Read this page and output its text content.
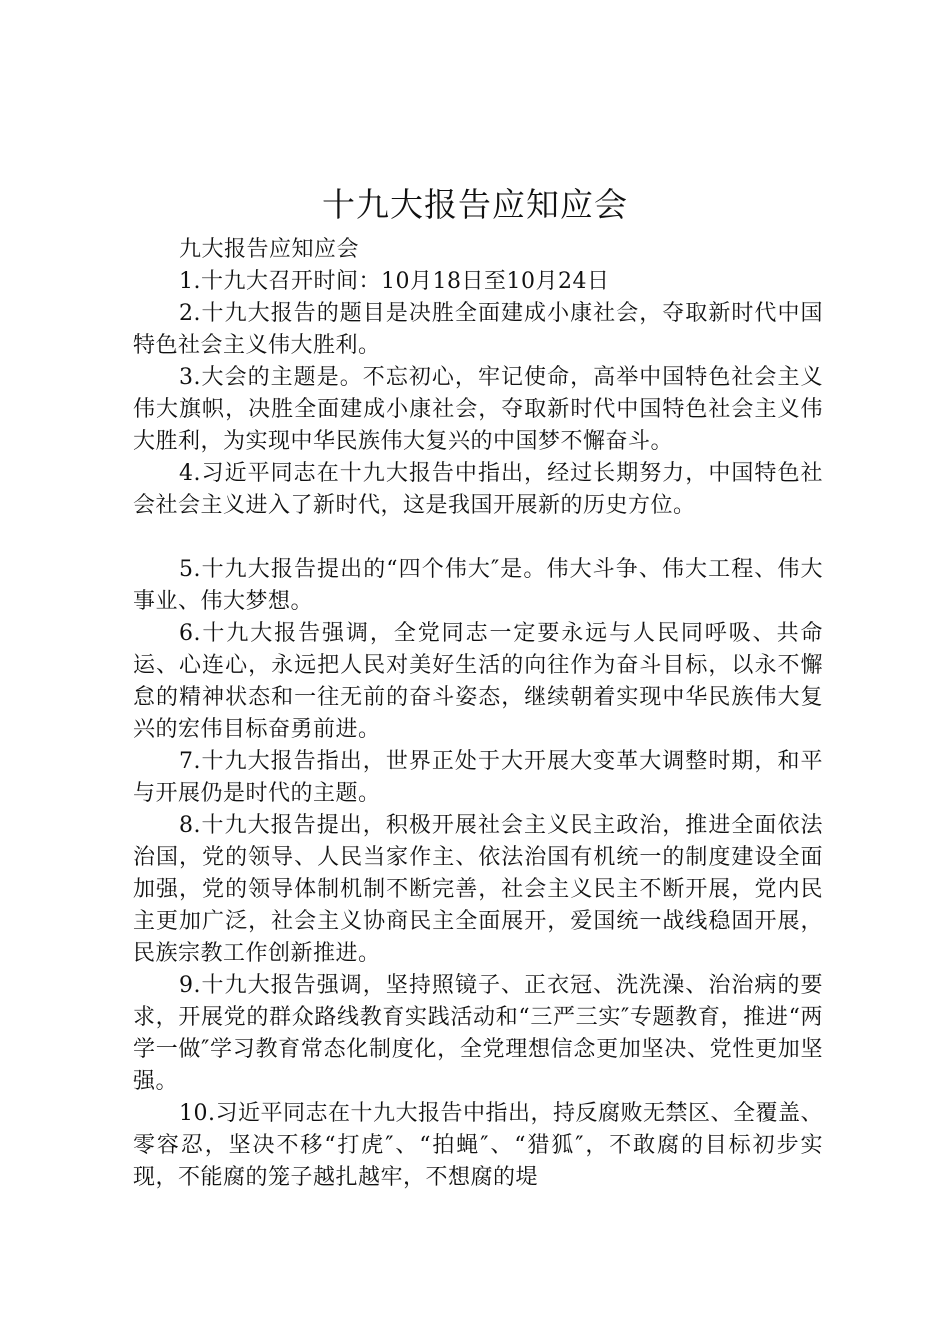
十九大报告应知应会

九大报告应知应会

1.十九大召开时间：10月18日至10月24日

2.十九大报告的题目是决胜全面建成小康社会，夺取新时代中国特色社会主义伟大胜利。

3.大会的主题是。不忘初心，牢记使命，高举中国特色社会主义伟大旗帜，决胜全面建成小康社会，夺取新时代中国特色社会主义伟大胜利，为实现中华民族伟大复兴的中国梦不懈奋斗。

4.习近平同志在十九大报告中指出，经过长期努力，中国特色社会社会主义进入了新时代，这是我国开展新的历史方位。

5.十九大报告提出的“四个伟大″是。伟大斗争、伟大工程、伟大事业、伟大梦想。

6.十九大报告强调，全党同志一定要永远与人民同呼吸、共命运、心连心，永远把人民对美好生活的向往作为奋斗目标，以永不懈怠的精神状态和一往无前的奋斗姿态，继续朝着实现中华民族伟大复兴的宏伟目标奋勇前进。

7.十九大报告指出，世界正处于大开展大变革大调整时期，和平与开展仍是时代的主题。

8.十九大报告提出，积极开展社会主义民主政治，推进全面依法治国，党的领导、人民当家作主、依法治国有机统一的制度建设全面加强，党的领导体制机制不断完善，社会主义民主不断开展，党内民主更加广泛，社会主义协商民主全面展开，爱国统一战线稳固开展，民族宗教工作创新推进。

9.十九大报告强调，坚持照镜子、正衣冠、洗洗澡、治治病的要求，开展党的群众路线教育实践活动和“三严三实″专题教育，推进“两学一做″学习教育常态化制度化，全党理想信念更加坚决、党性更加坚强。

10.习近平同志在十九大报告中指出，持反腐败无禁区、全覆盖、零容忍，坚决不移“打虎″、“拍蝇″、“猎狐″，不敢腐的目标初步实现，不能腐的笼子越扎越牢，不想腐的堤
